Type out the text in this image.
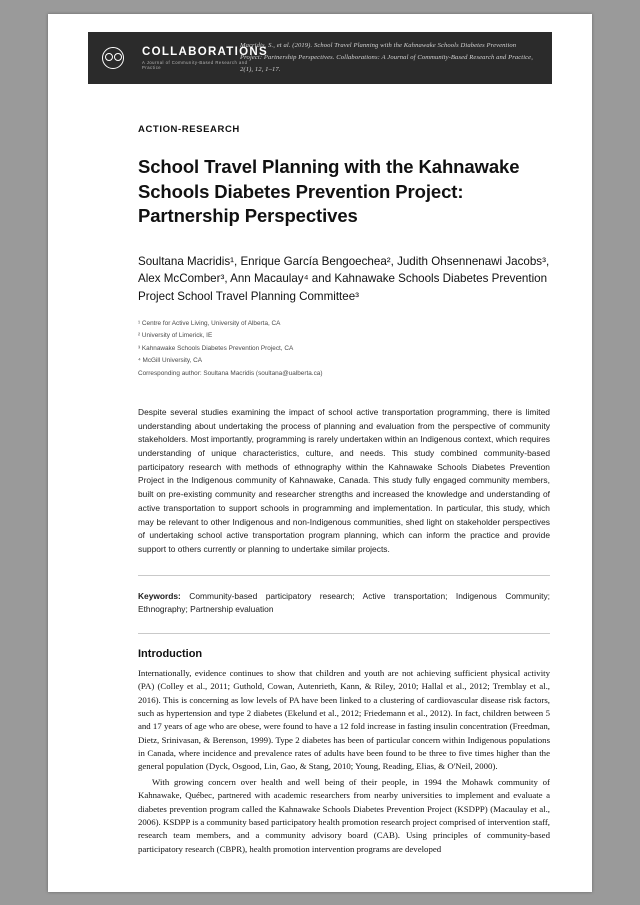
COLLABORATIONS
A Journal of Community-Based Research and Practice
Macridis, S., et al. (2019). School Travel Planning with the Kahnawake Schools Diabetes Prevention Project: Partnership Perspectives. Collaborations: A Journal of Community-Based Research and Practice, 2(1), 12, 1–17.
ACTION-RESEARCH
School Travel Planning with the Kahnawake Schools Diabetes Prevention Project: Partnership Perspectives
Soultana Macridis¹, Enrique García Bengoechea², Judith Ohsennenawi Jacobs³,
Alex McComber³, Ann Macaulay⁴ and Kahnawake Schools Diabetes Prevention
Project School Travel Planning Committee³
¹ Centre for Active Living, University of Alberta, CA
² University of Limerick, IE
³ Kahnawake Schools Diabetes Prevention Project, CA
⁴ McGill University, CA
Corresponding author: Soultana Macridis (soultana@ualberta.ca)
Despite several studies examining the impact of school active transportation programming, there is limited understanding about undertaking the process of planning and evaluation from the perspective of community stakeholders. Most importantly, programming is rarely undertaken within an Indigenous context, which requires understanding of unique characteristics, culture, and needs. This study combined community-based participatory research with methods of ethnography within the Kahnawake Schools Diabetes Prevention Project in the Indigenous community of Kahnawake, Canada. This study fully engaged community members, built on pre-existing community and researcher strengths and increased the knowledge and understanding of active transportation to support schools in programming and implementation. In particular, this study, which may be relevant to other Indigenous and non-Indigenous communities, shed light on stakeholder perspectives of undertaking school active transportation program planning, which can inform the practice and provide support to others currently or planning to undertake similar projects.
Keywords: Community-based participatory research; Active transportation; Indigenous Community; Ethnography; Partnership evaluation
Introduction

Internationally, evidence continues to show that children and youth are not achieving sufficient physical activity (PA) (Colley et al., 2011; Guthold, Cowan, Autenrieth, Kann, & Riley, 2010; Hallal et al., 2012; Tremblay et al., 2016). This is concerning as low levels of PA have been linked to a clustering of cardiovascular disease risk factors, such as hypertension and type 2 diabetes (Ekelund et al., 2012; Friedemann et al., 2012). In fact, children between 5 and 17 years of age who are obese, were found to have a 12 fold increase in fasting insulin concentration (Freedman, Dietz, Srinivasan, & Berenson, 1999). Type 2 diabetes has been of particular concern within Indigenous populations in Canada, where incidence and prevalence rates of adults have been found to be three to five times higher than the general population (Dyck, Osgood, Lin, Gao, & Stang, 2010; Young, Reading, Elias, & O'Neil, 2000).

With growing concern over health and well being of their people, in 1994 the Mohawk community of Kahnawake, Québec, partnered with academic researchers from nearby universities to implement and evaluate a diabetes prevention program called the Kahnawake Schools Diabetes Prevention Project (KSDPP) (Macaulay et al., 2006). KSDPP is a community based participatory health promotion research project comprised of intervention staff, research team members, and a community advisory board (CAB). Using principles of community-based participatory research (CBPR), health promotion intervention programs are developed
